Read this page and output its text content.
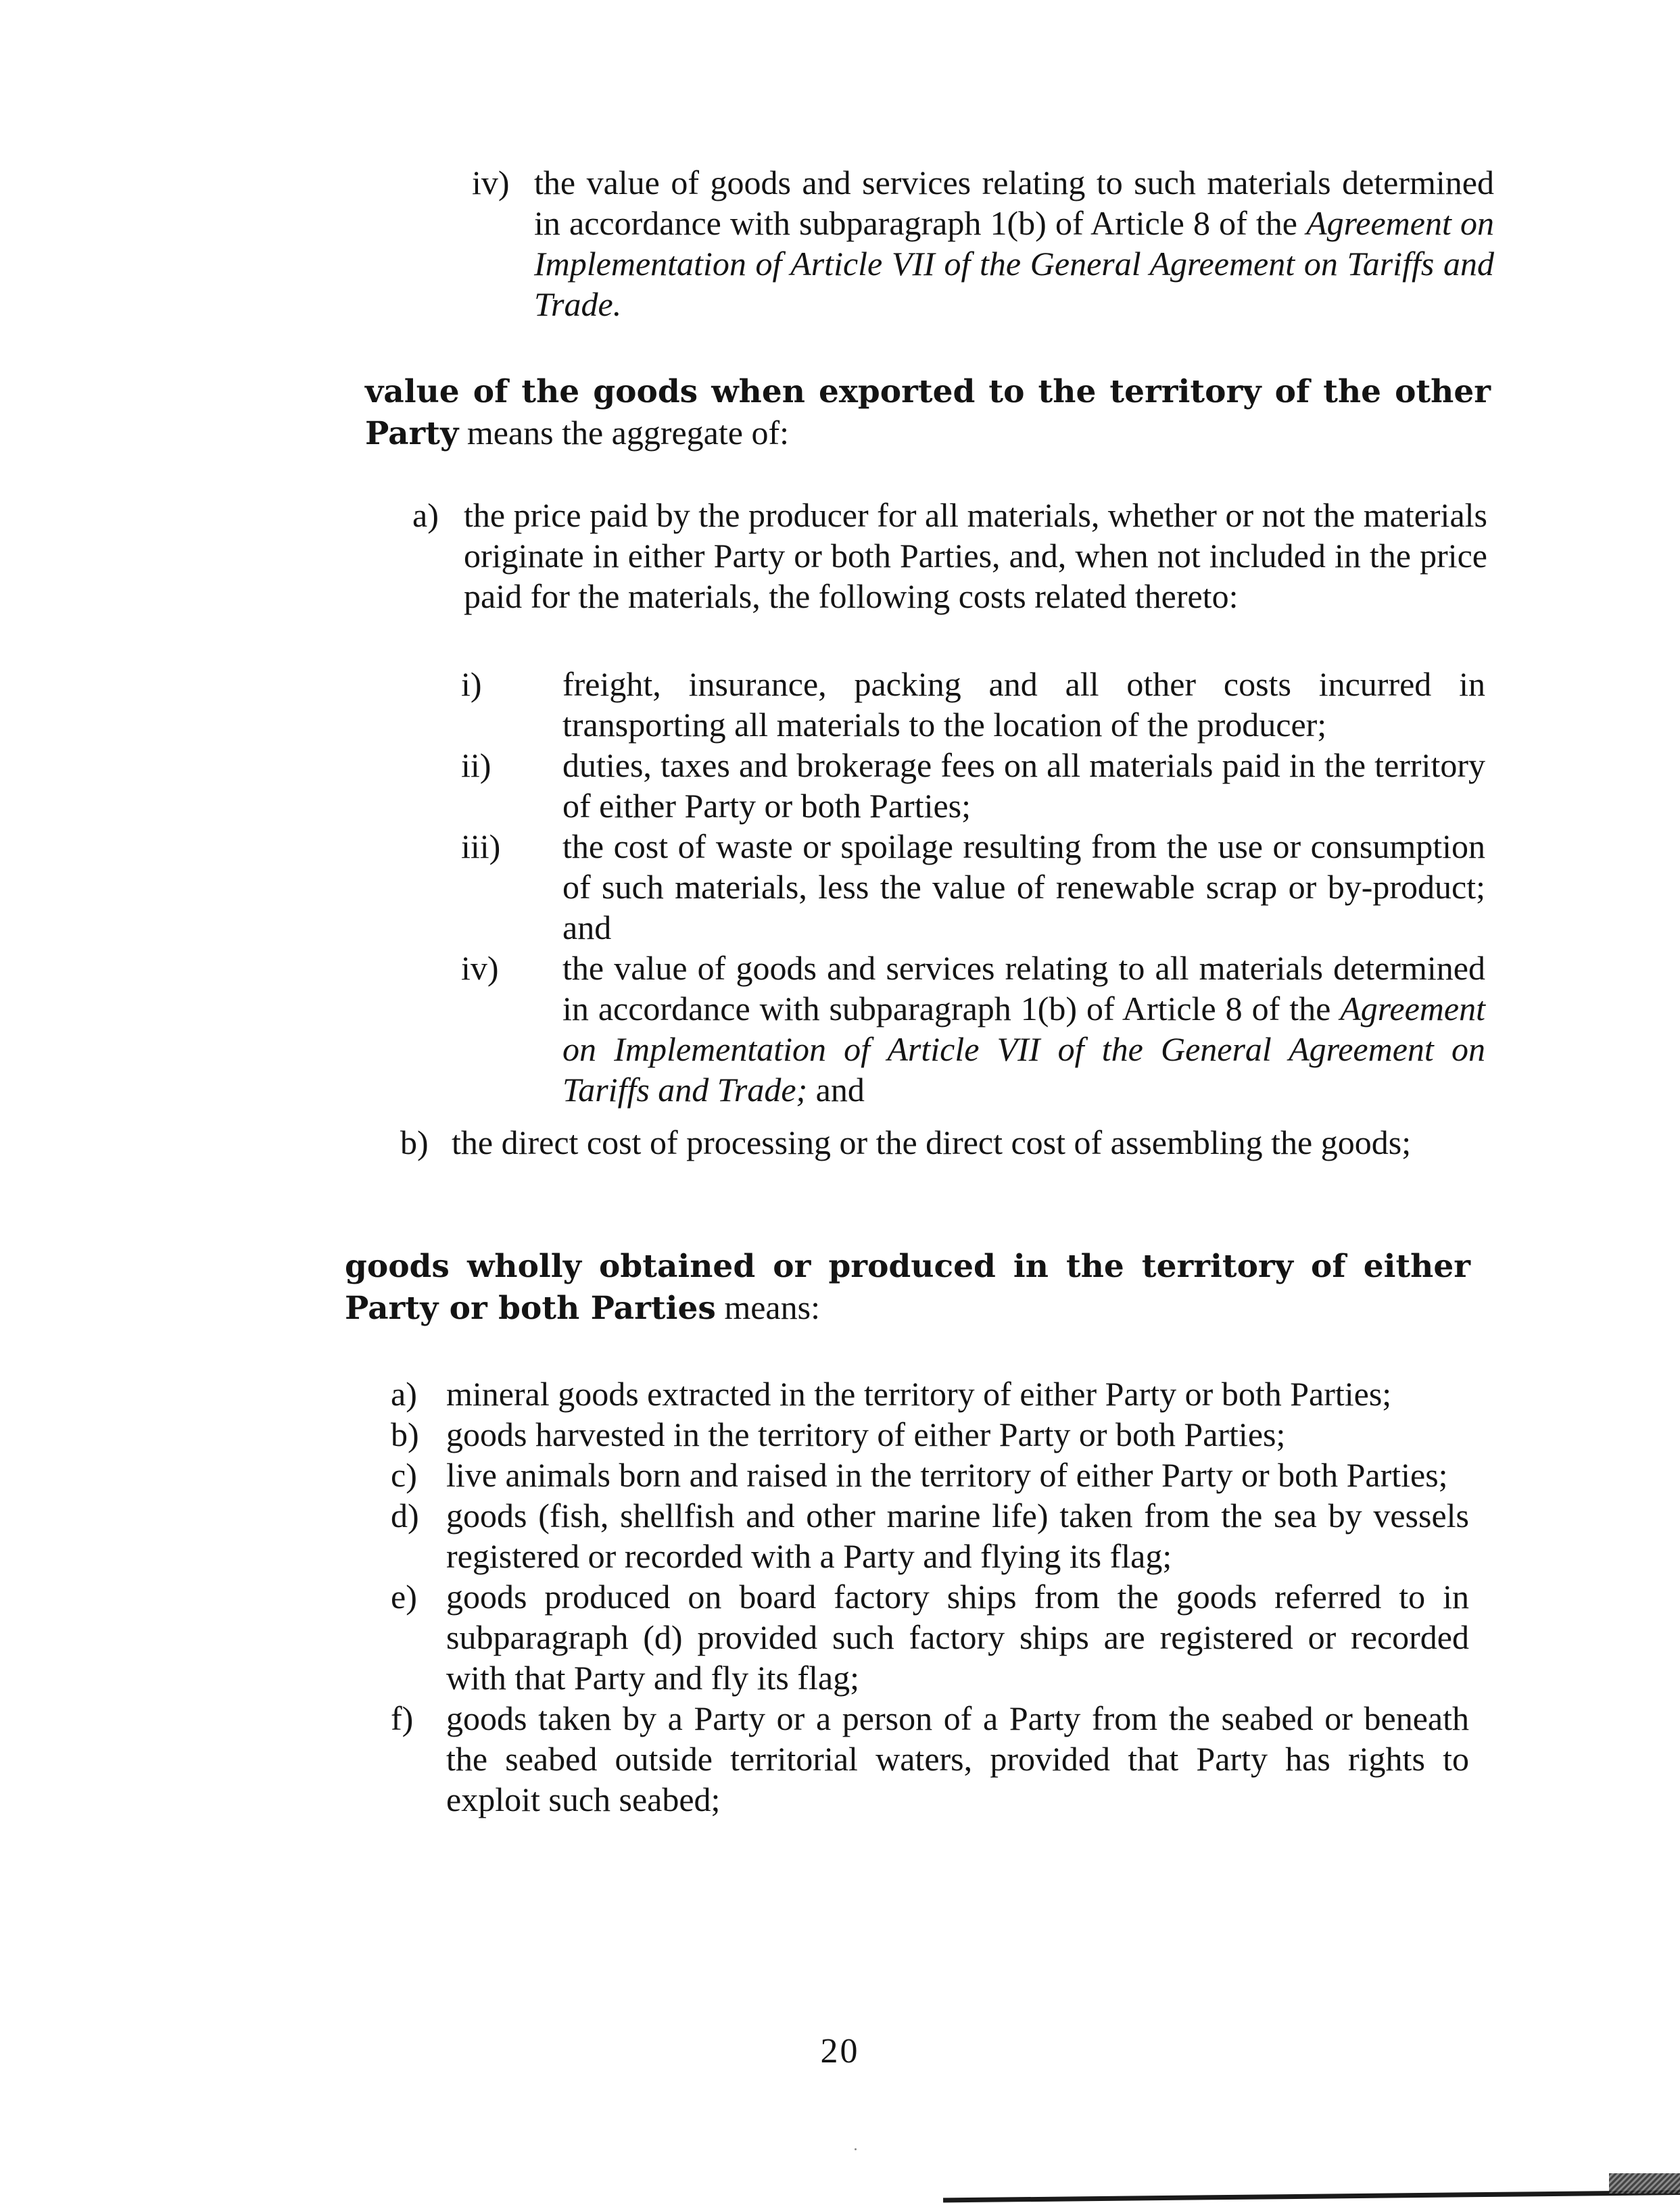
iv) the value of goods and services relating to such materials determined in accordance with subparagraph 1(b) of Article 8 of the Agreement on Implementation of Article VII of the General Agreement on Tariffs and Trade.
value of the goods when exported to the territory of the other Party means the aggregate of:
a) the price paid by the producer for all materials, whether or not the materials originate in either Party or both Parties, and, when not included in the price paid for the materials, the following costs related thereto:
i) freight, insurance, packing and all other costs incurred in transporting all materials to the location of the producer;
ii) duties, taxes and brokerage fees on all materials paid in the territory of either Party or both Parties;
iii) the cost of waste or spoilage resulting from the use or consumption of such materials, less the value of renewable scrap or by-product; and
iv) the value of goods and services relating to all materials determined in accordance with subparagraph 1(b) of Article 8 of the Agreement on Implementation of Article VII of the General Agreement on Tariffs and Trade; and
b) the direct cost of processing or the direct cost of assembling the goods;
goods wholly obtained or produced in the territory of either Party or both Parties means:
a) mineral goods extracted in the territory of either Party or both Parties;
b) goods harvested in the territory of either Party or both Parties;
c) live animals born and raised in the territory of either Party or both Parties;
d) goods (fish, shellfish and other marine life) taken from the sea by vessels registered or recorded with a Party and flying its flag;
e) goods produced on board factory ships from the goods referred to in subparagraph (d) provided such factory ships are registered or recorded with that Party and fly its flag;
f) goods taken by a Party or a person of a Party from the seabed or beneath the seabed outside territorial waters, provided that Party has rights to exploit such seabed;
20
